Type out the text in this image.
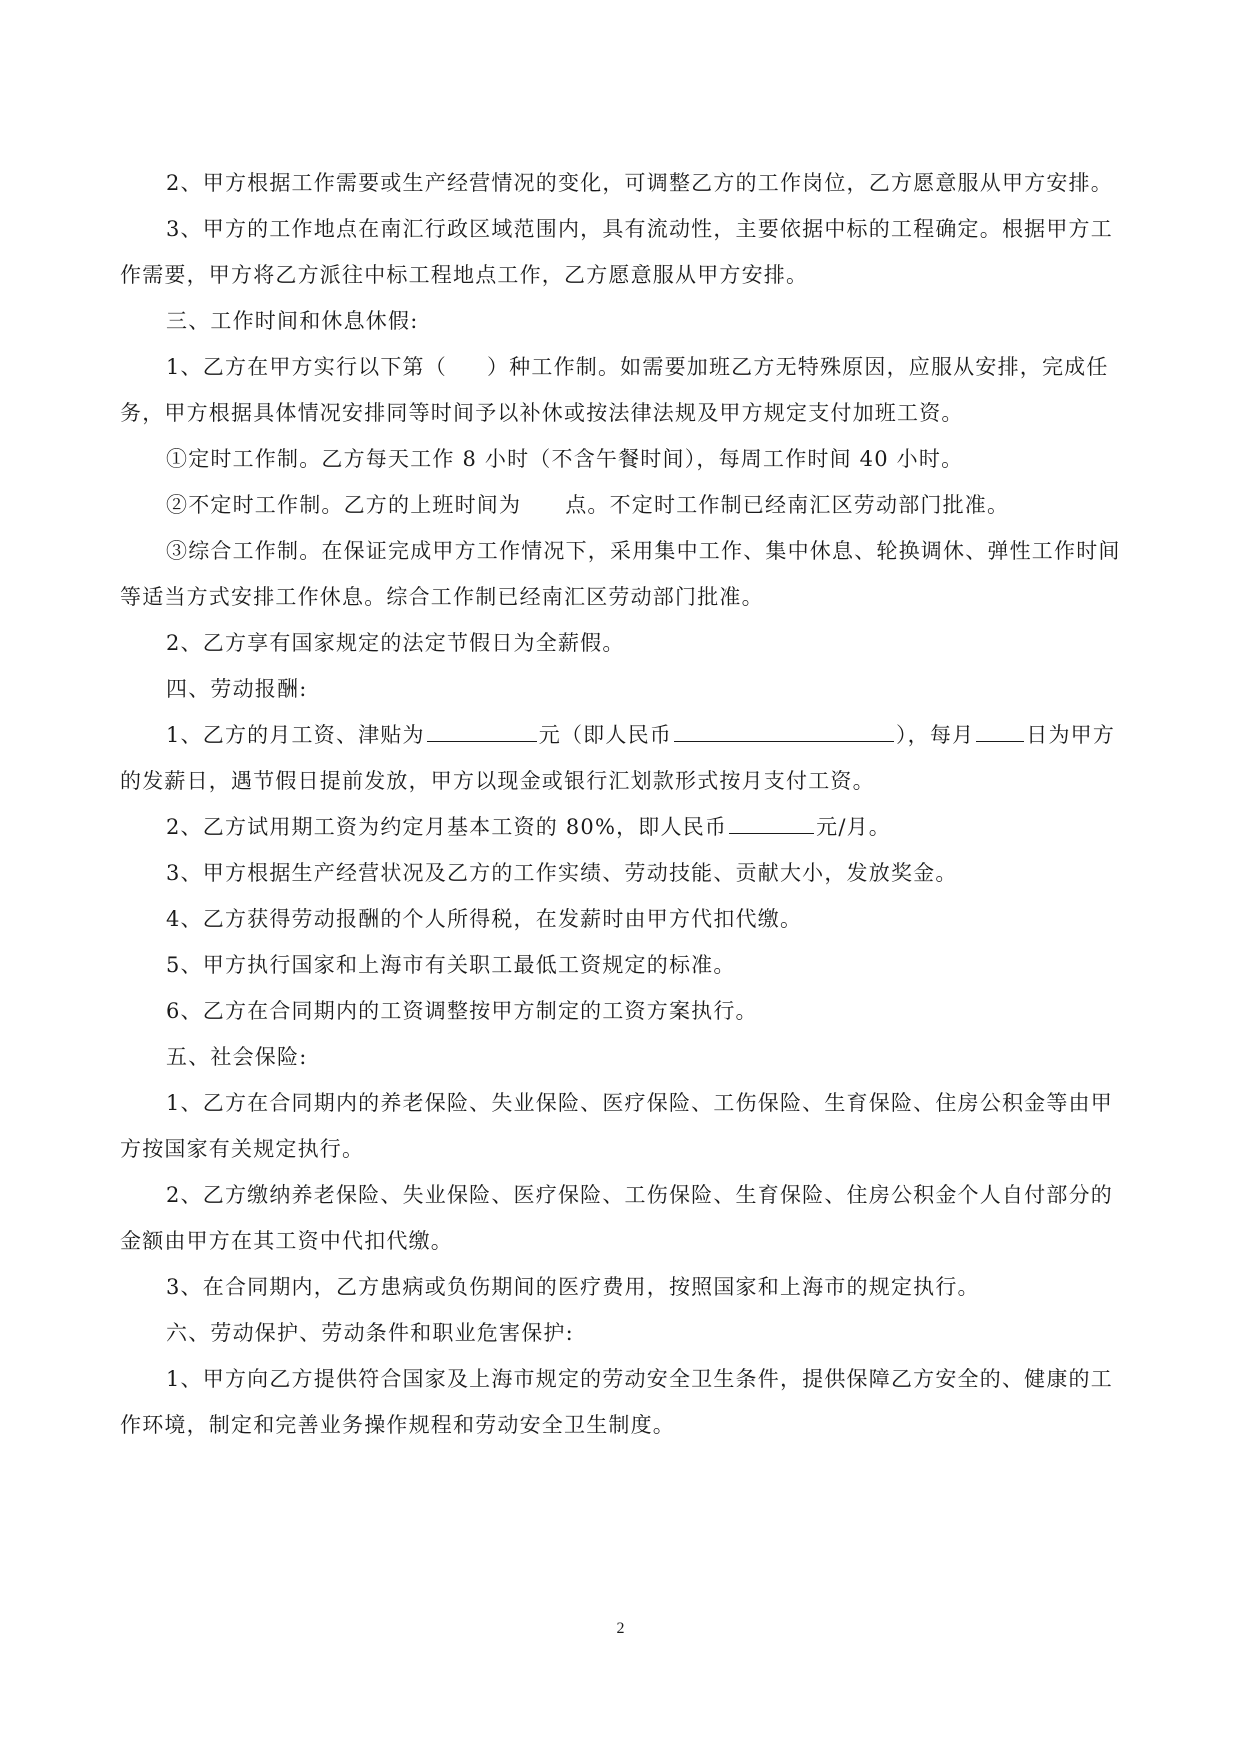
2、甲方根据工作需要或生产经营情况的变化，可调整乙方的工作岗位，乙方愿意服从甲方安排。

3、甲方的工作地点在南汇行政区域范围内，具有流动性，主要依据中标的工程确定。根据甲方工作需要，甲方将乙方派往中标工程地点工作，乙方愿意服从甲方安排。

三、工作时间和休息休假:

1、乙方在甲方实行以下第（ ）种工作制。如需要加班乙方无特殊原因，应服从安排，完成任务，甲方根据具体情况安排同等时间予以补休或按法律法规及甲方规定支付加班工资。

①定时工作制。乙方每天工作 8 小时（不含午餐时间），每周工作时间 40 小时。

②不定时工作制。乙方的上班时间为 点。不定时工作制已经南汇区劳动部门批准。

③综合工作制。在保证完成甲方工作情况下，采用集中工作、集中休息、轮换调休、弹性工作时间等适当方式安排工作休息。综合工作制已经南汇区劳动部门批准。

2、乙方享有国家规定的法定节假日为全薪假。

四、劳动报酬:

1、乙方的月工资、津贴为	元（即人民币	），每月 日为甲方的发薪日，遇节假日提前发放，甲方以现金或银行汇划款形式按月支付工资。

2、乙方试用期工资为约定月基本工资的 80%，即人民币	元/月。

3、甲方根据生产经营状况及乙方的工作实绩、劳动技能、贡献大小，发放奖金。

4、乙方获得劳动报酬的个人所得税，在发薪时由甲方代扣代缴。

5、甲方执行国家和上海市有关职工最低工资规定的标准。

6、乙方在合同期内的工资调整按甲方制定的工资方案执行。

五、社会保险:

1、乙方在合同期内的养老保险、失业保险、医疗保险、工伤保险、生育保险、住房公积金等由甲方按国家有关规定执行。

2、乙方缴纳养老保险、失业保险、医疗保险、工伤保险、生育保险、住房公积金个人自付部分的金额由甲方在其工资中代扣代缴。

3、在合同期内，乙方患病或负伤期间的医疗费用，按照国家和上海市的规定执行。

六、劳动保护、劳动条件和职业危害保护:

1、甲方向乙方提供符合国家及上海市规定的劳动安全卫生条件，提供保障乙方安全的、健康的工作环境，制定和完善业务操作规程和劳动安全卫生制度。

2
